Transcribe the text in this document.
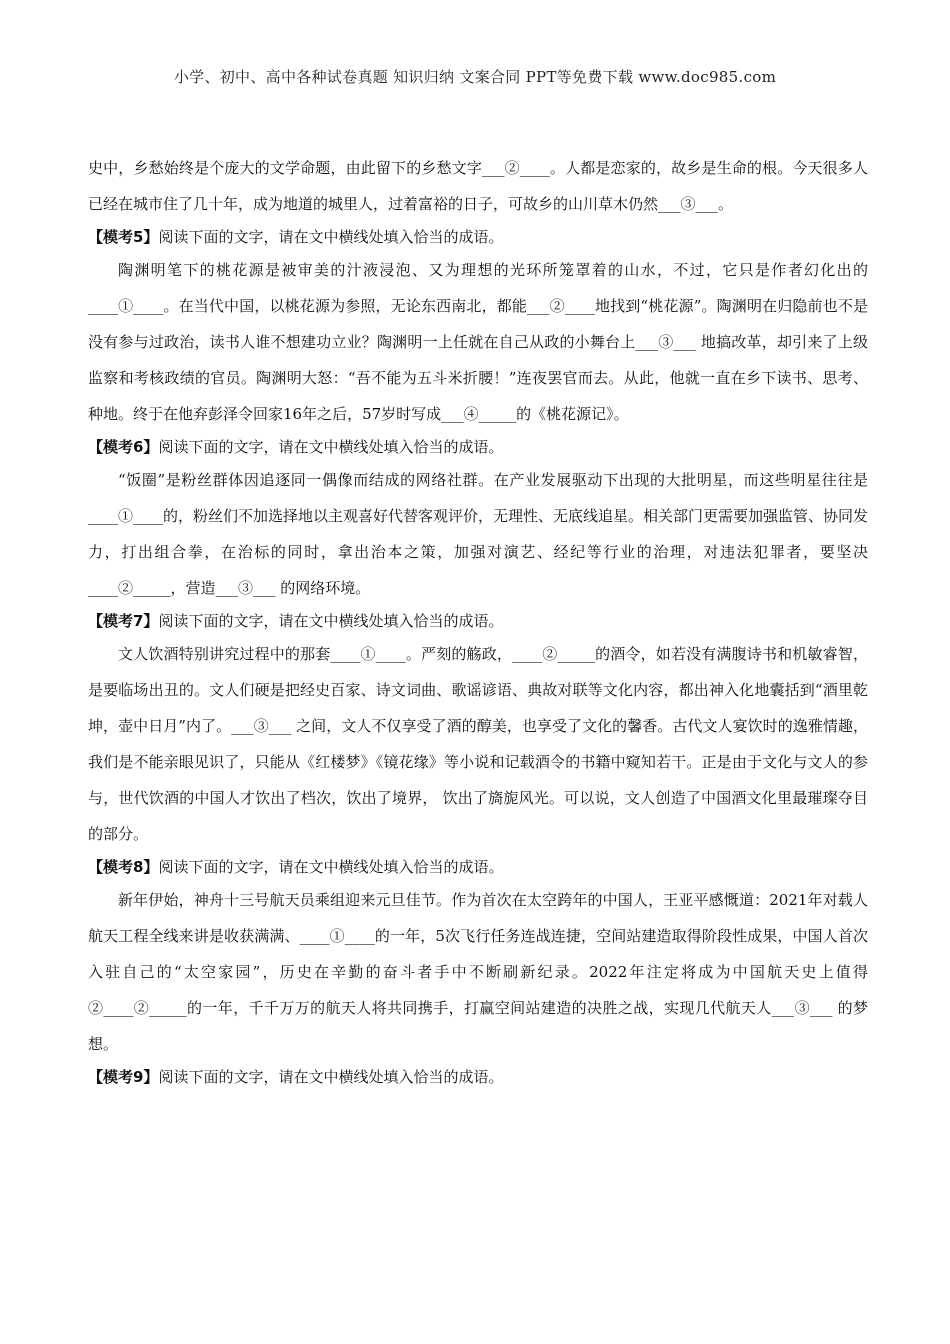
小学、初中、高中各种试卷真题 知识归纳 文案合同 PPT等免费下载 www.doc985.com

史中，乡愁始终是个庞大的文学命题，由此留下的乡愁文字___②____。人都是恋家的，故乡是生命的根。今天很多人已经在城市住了几十年，成为地道的城里人，过着富裕的日子，可故乡的山川草木仍然___③___。

【模考5】阅读下面的文字，请在文中横线处填入恰当的成语。

陶渊明笔下的桃花源是被审美的汁液浸泡、又为理想的光环所笼罩着的山水，不过，它只是作者幻化出的____①____。在当代中国，以桃花源为参照，无论东西南北，都能___②____地找到“桃花源”。陶渊明在归隐前也不是没有参与过政治，读书人谁不想建功立业？陶渊明一上任就在自己从政的小舞台上___③___ 地搞改革，却引来了上级监察和考核政绩的官员。陶渊明大怒：“吾不能为五斗米折腰！”连夜罢官而去。从此，他就一直在乡下读书、思考、种地。终于在他弃彭泽令回家16年之后，57岁时写成___④_____的《桃花源记》。

【模考6】阅读下面的文字，请在文中横线处填入恰当的成语。

“饭圈”是粉丝群体因追逐同一偶像而结成的网络社群。在产业发展驱动下出现的大批明星，而这些明星往往是____①____的，粉丝们不加选择地以主观喜好代替客观评价，无理性、无底线追星。相关部门更需要加强监管、协同发力，打出组合拳，在治标的同时，拿出治本之策，加强对演艺、经纪等行业的治理，对违法犯罪者，要坚决____②_____，营造___③___ 的网络环境。

【模考7】阅读下面的文字，请在文中横线处填入恰当的成语。

文人饮酒特别讲究过程中的那套____①____。严刻的觞政，____②_____的酒令，如若没有满腹诗书和机敏睿智，是要临场出丑的。文人们硬是把经史百家、诗文词曲、歌谣谚语、典故对联等文化内容，都出神入化地囊括到“酒里乾坤，壶中日月”内了。___③___ 之间，文人不仅享受了酒的醇美，也享受了文化的馨香。古代文人宴饮时的逸雅情趣，我们是不能亲眼见识了，只能从《红楼梦》《镜花缘》等小说和记载酒令的书籍中窥知若干。正是由于文化与文人的参与，世代饮酒的中国人才饮出了档次，饮出了境界， 饮出了旖旎风光。可以说，文人创造了中国酒文化里最璀璨夺目的部分。

【模考8】阅读下面的文字，请在文中横线处填入恰当的成语。

新年伊始，神舟十三号航天员乘组迎来元旦佳节。作为首次在太空跨年的中国人，王亚平感慨道：2021年对载人航天工程全线来讲是收获满满、____①____的一年，5次飞行任务连战连捷，空间站建造取得阶段性成果，中国人首次入驻自己的“太空家园”，历史在辛勤的奋斗者手中不断刷新纪录。2022年注定将成为中国航天史上值得 ②____②_____的一年，千千万万的航天人将共同携手，打赢空间站建造的决胜之战，实现几代航天人___③___ 的梦想。

【模考9】阅读下面的文字，请在文中横线处填入恰当的成语。
